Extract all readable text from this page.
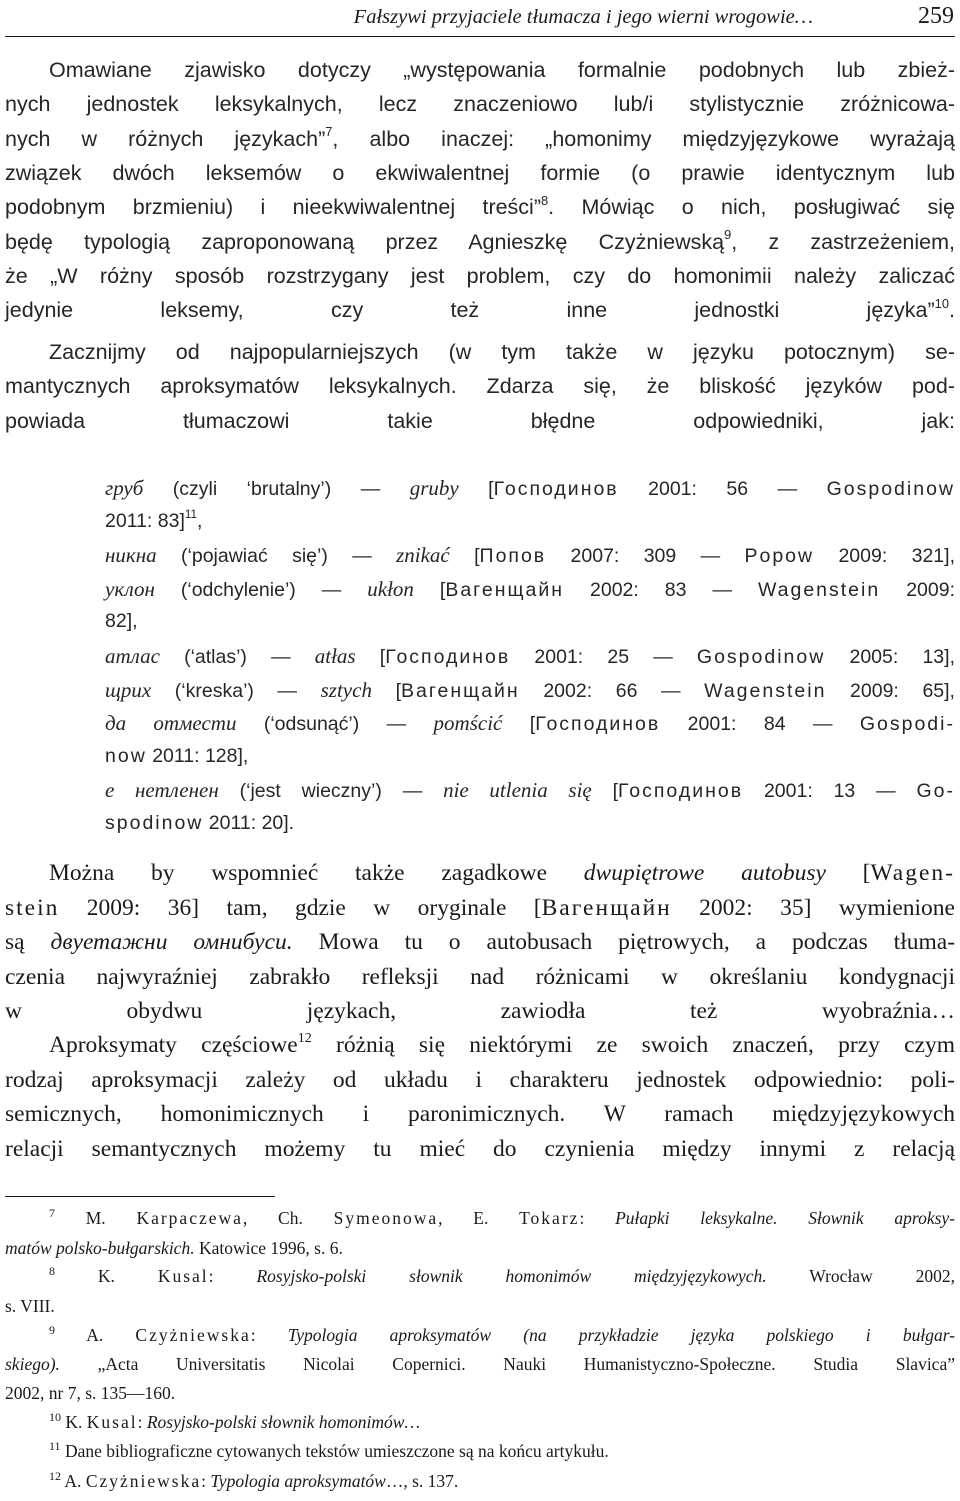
Fałszywi przyjaciele tłumacza i jego wierni wrogowie…	259
Omawiane zjawisko dotyczy „występowania formalnie podobnych lub zbież-
nych jednostek leksykalnych, lecz znaczeniowo lub/i stylistycznie zróżnicowa-
nych w różnych językach”$^7$, albo inaczej: „homonimy międzyjęzykowe wyrażają
związek dwóch leksemów o ekwiwalentnej formie (o prawie identycznym lub
podobnym brzmieniu) i nieekwiwalentnej treści”$^8$. Mówiąc o nich, posługiwać się
będę typologią zaproponowaną przez Agnieszkę Czyżniewską$^9$, z zastrzeżeniem,
że „W różny sposób rozstrzygany jest problem, czy do homonimii należy zaliczać
jedynie leksemy, czy też inne jednostki języka”$^{10}$.
Zacznijmy od najpopularniejszych (w tym także w języku potocznym) se-
mantycznych aproksymatów leksykalnych. Zdarza się, że bliskość języków pod-
powiada tłumaczowi takie błędne odpowiedniki, jak:
груб (czyli ‘brutalny’) — gruby [Господинов 2001: 56 — Gospodinow
2011: 83]$^{11}$,
никна (‘pojawiać się’) — znikać [Попов 2007: 309 — Popow 2009: 321],
уклон (‘odchylenie’) — ukłon [Вагенщайн 2002: 83 — Wagenstein 2009:
82],
атлас (‘atlas’) — atłas [Господинов 2001: 25 — Gospodinow 2005: 13],
щрих (‘kreska’) — sztych [Вагенщайн 2002: 66 — Wagenstein 2009: 65],
да отмести (‘odsunąć’) — pomścić [Господинов 2001: 84 — Gospodi-
now 2011: 128],
е нетленен (‘jest wieczny’) — nie utlenia się [Господинов 2001: 13 — Go-
spodinow 2011: 20].
Można by wspomnieć także zagadkowe dwupiętrowe autobusy [Wagen-
stein 2009: 36] tam, gdzie w oryginale [Вагенщайн 2002: 35] wymienione
są двуетажни омнибуси. Mowa tu o autobusach piętrowych, a podczas tłuma-
czenia najwyraźniej zabrakło refleksji nad różnicami w określaniu kondygnacji
w obydwu językach, zawiodła też wyobraźnia…
Aproksymaty częściowe$^{12}$ różnią się niektórymi ze swoich znaczeń, przy czym
rodzaj aproksymacji zależy od układu i charakteru jednostek odpowiednio: poli-
semicznych, homonimicznych i paronimicznych. W ramach międzyjęzykowych
relacji semantycznych możemy tu mieć do czynienia między innymi z relacją
$^7$ M. Karpaczewa, Ch. Symeonowa, E. Tokarz: Pułapki leksykalne. Słownik aproksy-
matów polsko-bułgarskich. Katowice 1996, s. 6.
$^8$ K. Kusal: Rosyjsko-polski słownik homonimów międzyjęzykowych. Wrocław 2002,
s. VIII.
$^9$ A. Czyżniewska: Typologia aproksymatów (na przykładzie języka polskiego i bułgar-
skiego). „Acta Universitatis Nicolai Copernici. Nauki Humanistyczno-Społeczne. Studia Slavica”
2002, nr 7, s. 135—160.
$^{10}$ K. Kusal: Rosyjsko-polski słownik homonimów…
$^{11}$ Dane bibliograficzne cytowanych tekstów umieszczone są na końcu artykułu.
$^{12}$ A. Czyżniewska: Typologia aproksymatów…, s. 137.
